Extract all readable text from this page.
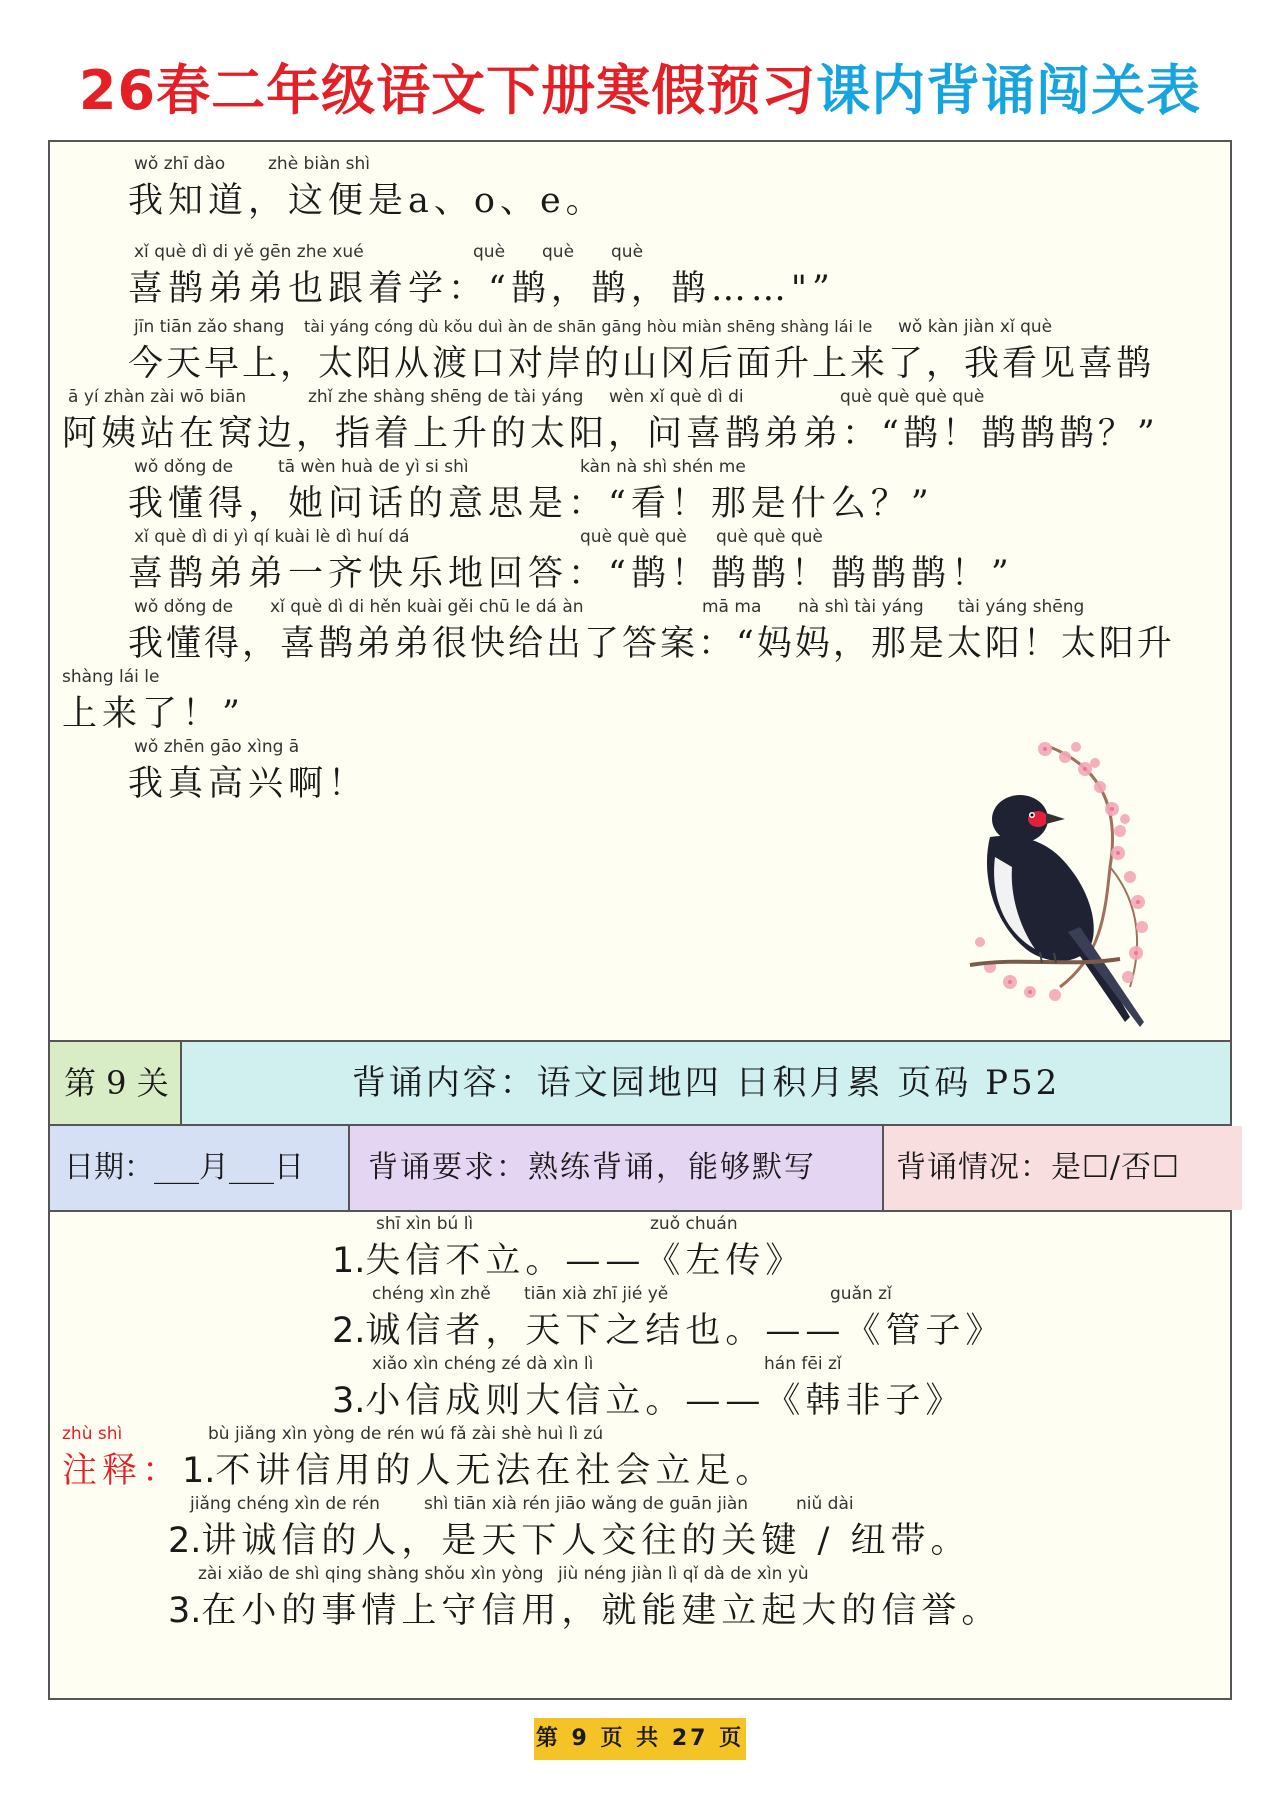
26春二年级语文下册寒假预习课内背诵闯关表
wǒ zhī dào	zhè biàn shì
我知道，这便是a、o、e。
xǐ què dì di yě gēn zhe xué	què què què
喜鹊弟弟也跟着学：“鹊，鹊，鹊……"”
jīn tiān zǎo shang tài yáng cóng dù kǒu duì àn de shān gāng hòu miàn shēng shàng lái le wǒ kàn jiàn xǐ què
今天早上，太阳从渡口对岸的山冈后面升上来了，我看见喜鹊
ā yí zhàn zài wō biān	zhǐ zhe shàng shēng de tài yáng wèn xǐ què dì di	què què què què
阿姨站在窝边，指着上升的太阳，问喜鹊弟弟：“鹊！鹊鹊鹊？”
wǒ dǒng de	tā wèn huà de yì si shì	kàn nà shì shén me
我懂得，她问话的意思是：“看！那是什么？”
xǐ què dì di yì qí kuài lè dì huí dá	què què què què què què
喜鹊弟弟一齐快乐地回答：“鹊！鹊鹊！鹊鹊鹊！”
wǒ dǒng de xǐ què dì di hěn kuài gěi chū le dá àn	mā ma nà shì tài yáng tài yáng shēng
我懂得，喜鹊弟弟很快给出了答案：“妈妈，那是太阳！太阳升
shàng lái le
上来了！”
wǒ zhēn gāo xìng ā
我真高兴啊！
第 9 关	背诵内容：语文园地四 日积月累 页码 P52
日期：___月___日	背诵要求：熟练背诵，能够默写	背诵情况：是☐/否☐
shī xìn bú lì	zuǒ chuán
1.失信不立。——《左传》
chéng xìn zhě tiān xià zhī jié yě	guǎn zǐ
2.诚信者，天下之结也。——《管子》
xiǎo xìn chéng zé dà xìn lì	hán fēi zǐ
3.小信成则大信立。——《韩非子》
zhù shì	bù jiǎng xìn yòng de rén wú fǎ zài shè huì lì zú
注释：1.不讲信用的人无法在社会立足。
jiǎng chéng xìn de rén	shì tiān xià rén jiāo wǎng de guān jiàn	niǔ dài
2.讲诚信的人，是天下人交往的关键 / 纽带。
zài xiǎo de shì qing shàng shǒu xìn yòng jiù néng jiàn lì qǐ dà de xìn yù
3.在小的事情上守信用，就能建立起大的信誉。
第 9 页 共 27 页
